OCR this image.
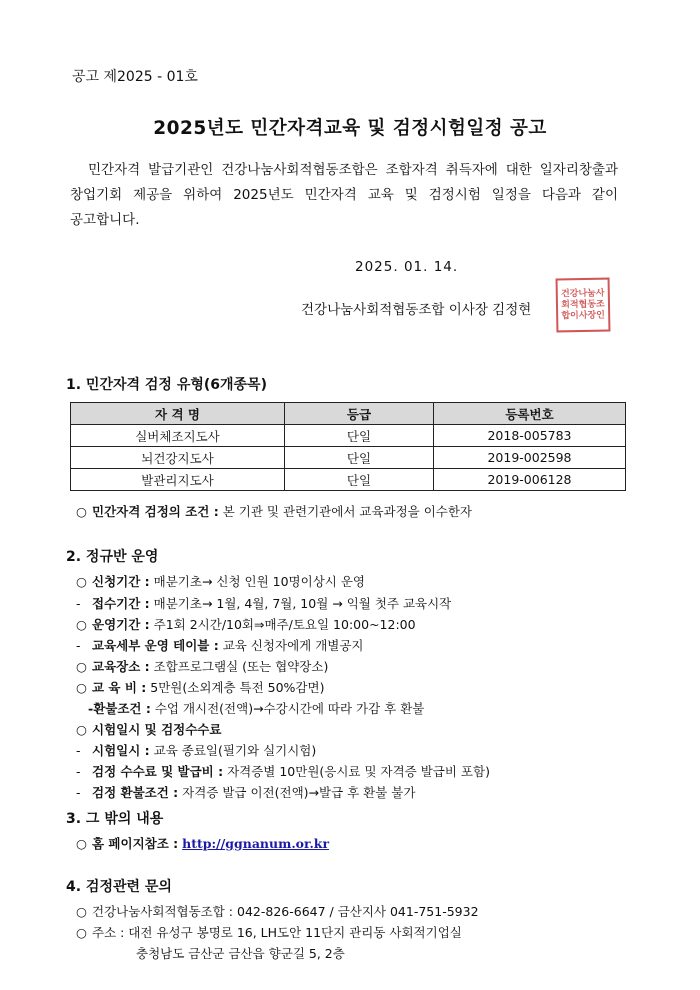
공고 제2025 - 01호
2025년도 민간자격교육 및 검정시험일정 공고
민간자격 발급기관인 건강나눔사회적협동조합은 조합자격 취득자에 대한 일자리창출과 창업기회 제공을 위하여 2025년도 민간자격 교육 및 검정시험 일정을 다음과 같이 공고합니다.
2025. 01. 14.
건강나눔사회적협동조합 이사장 김정현
건강나눔사회적협동조합이사장인
1. 민간자격 검정 유형(6개종목)
자 격 명	등급	등록번호
실버체조지도사	단일	2018-005783
뇌건강지도사	단일	2019-002598
발관리지도사	단일	2019-006128
○ 민간자격 검정의 조건 : 본 기관 및 관련기관에서 교육과정을 이수한자
2. 정규반 운영
○ 신청기간 : 매분기초→ 신청 인원 10명이상시 운영
- 접수기간 : 매분기초→ 1월, 4월, 7월, 10월 → 익월 첫주 교육시작
○ 운영기간 : 주1회 2시간/10회⇒매주/토요일 10:00~12:00
- 교육세부 운영 테이블 : 교육 신청자에게 개별공지
○ 교육장소 : 조합프로그램실 (또는 협약장소)
○ 교 육 비 : 5만원(소외계층 특전 50%감면)
-환불조건 : 수업 개시전(전액)→수강시간에 따라 가감 후 환불
○ 시험일시 및 검정수수료
- 시험일시 : 교육 종료일(필기와 실기시험)
- 검정 수수료 및 발급비 : 자격증별 10만원(응시료 및 자격증 발급비 포함)
- 검정 환불조건 : 자격증 발급 이전(전액)→발급 후 환불 불가
3. 그 밖의 내용
○ 홈 페이지참조 : http://ggnanum.or.kr
4. 검정관련 문의
○ 건강나눔사회적협동조합 : 042-826-6647 / 금산지사 041-751-5932
○ 주소 : 대전 유성구 봉명로 16, LH도안 11단지 관리동 사회적기업실
충청남도 금산군 금산읍 향군길 5, 2층
